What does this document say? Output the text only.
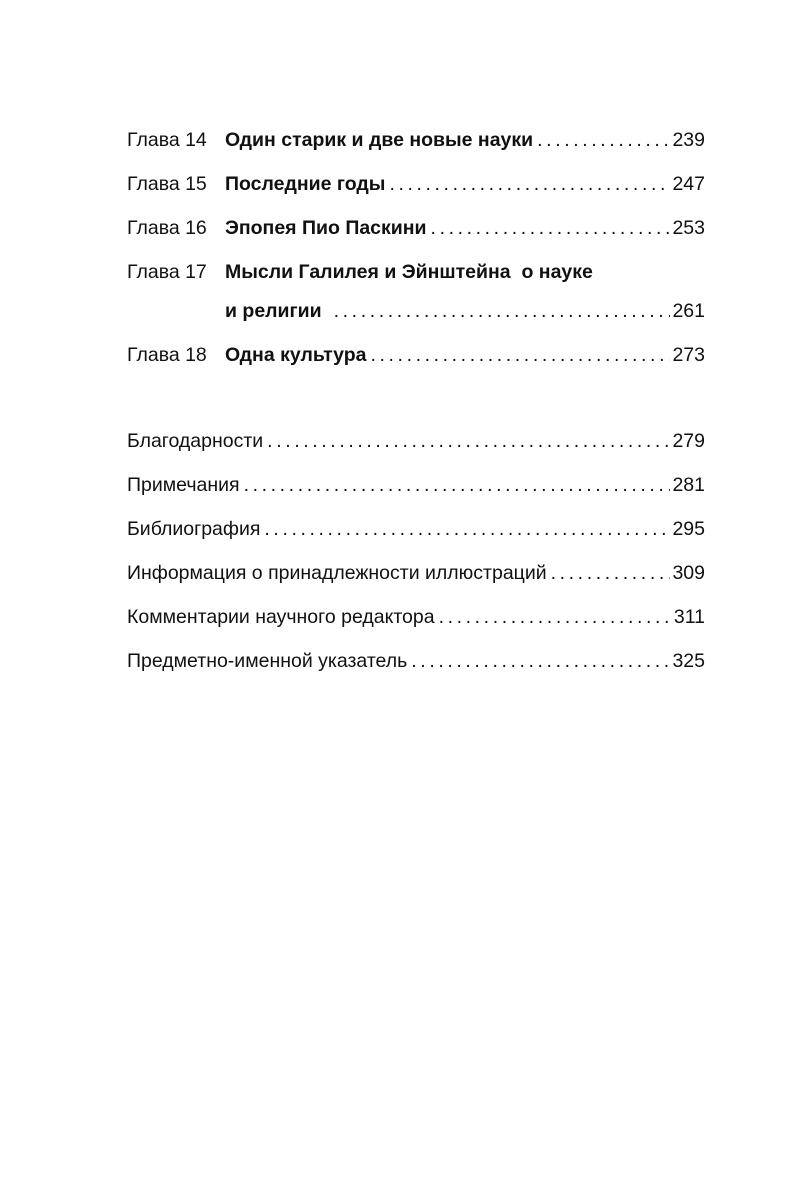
Глава 14 Один старик и две новые науки .....	239
Глава 15 Последние годы .....	247
Глава 16 Эпопея Пио Паскини .....	253
Глава 17 Мысли Галилея и Эйнштейна  о науке
и религии .....	261
Глава 18 Одна культура .....	273
Благодарности .....	279
Примечания .....	281
Библиография .....	295
Информация о принадлежности иллюстраций .....	309
Комментарии научного редактора .....	311
Предметно-именной указатель .....	325
